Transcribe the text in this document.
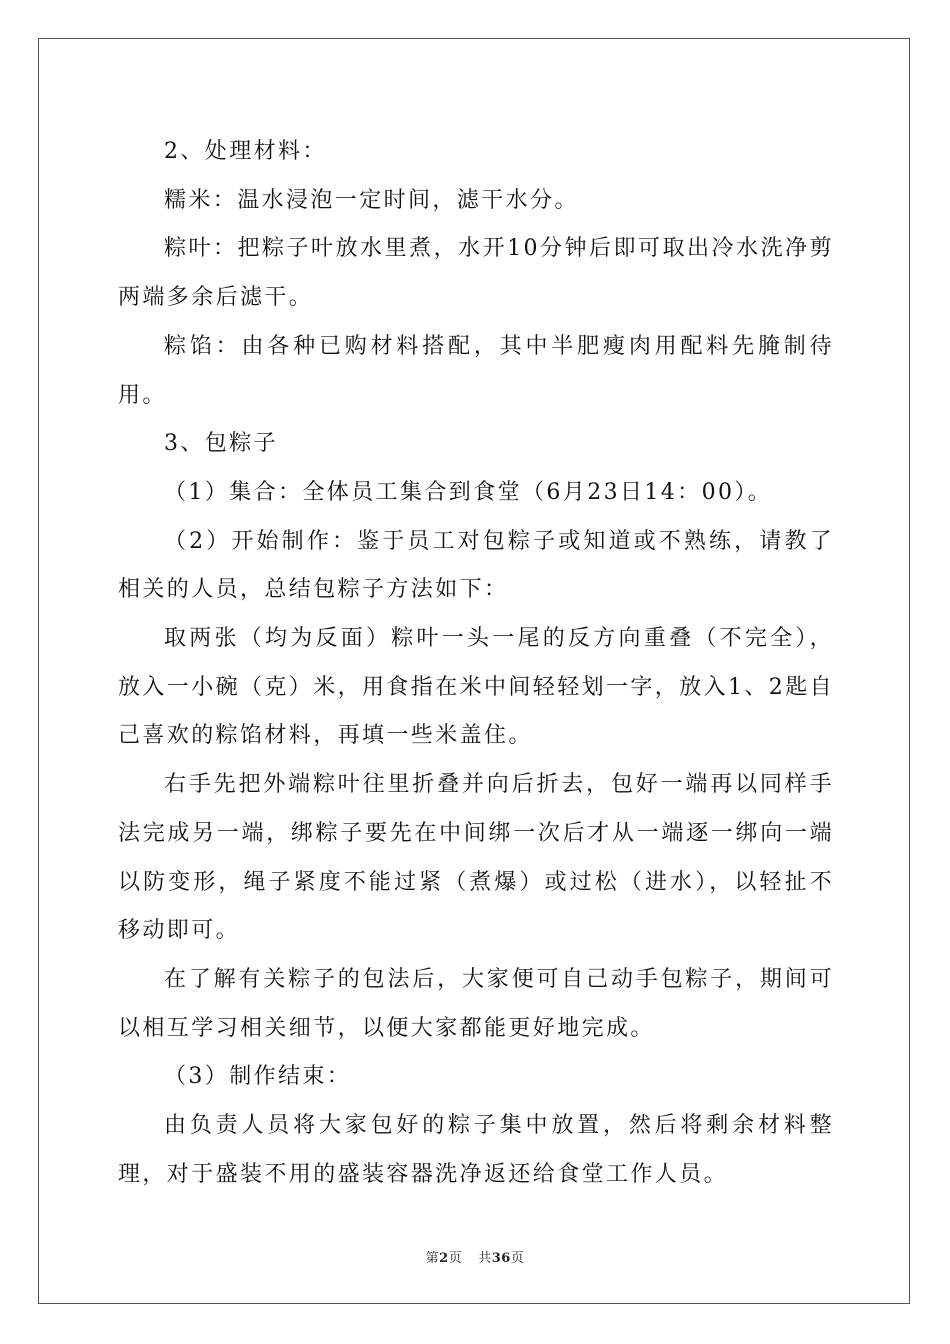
2、处理材料：

糯米：温水浸泡一定时间，滤干水分。

粽叶：把粽子叶放水里煮，水开10分钟后即可取出冷水洗净剪两端多余后滤干。

粽馅：由各种已购材料搭配，其中半肥瘦肉用配料先腌制待用。

3、包粽子

（1）集合：全体员工集合到食堂（6月23日14：00）。

（2）开始制作：鉴于员工对包粽子或知道或不熟练，请教了相关的人员，总结包粽子方法如下：

取两张（均为反面）粽叶一头一尾的反方向重叠（不完全），放入一小碗（克）米，用食指在米中间轻轻划一字，放入1、2匙自己喜欢的粽馅材料，再填一些米盖住。

右手先把外端粽叶往里折叠并向后折去，包好一端再以同样手法完成另一端，绑粽子要先在中间绑一次后才从一端逐一绑向一端以防变形，绳子紧度不能过紧（煮爆）或过松（进水），以轻扯不移动即可。

在了解有关粽子的包法后，大家便可自己动手包粽子，期间可以相互学习相关细节，以便大家都能更好地完成。

（3）制作结束：

由负责人员将大家包好的粽子集中放置，然后将剩余材料整理，对于盛装不用的盛装容器洗净返还给食堂工作人员。

第2页 共36页
